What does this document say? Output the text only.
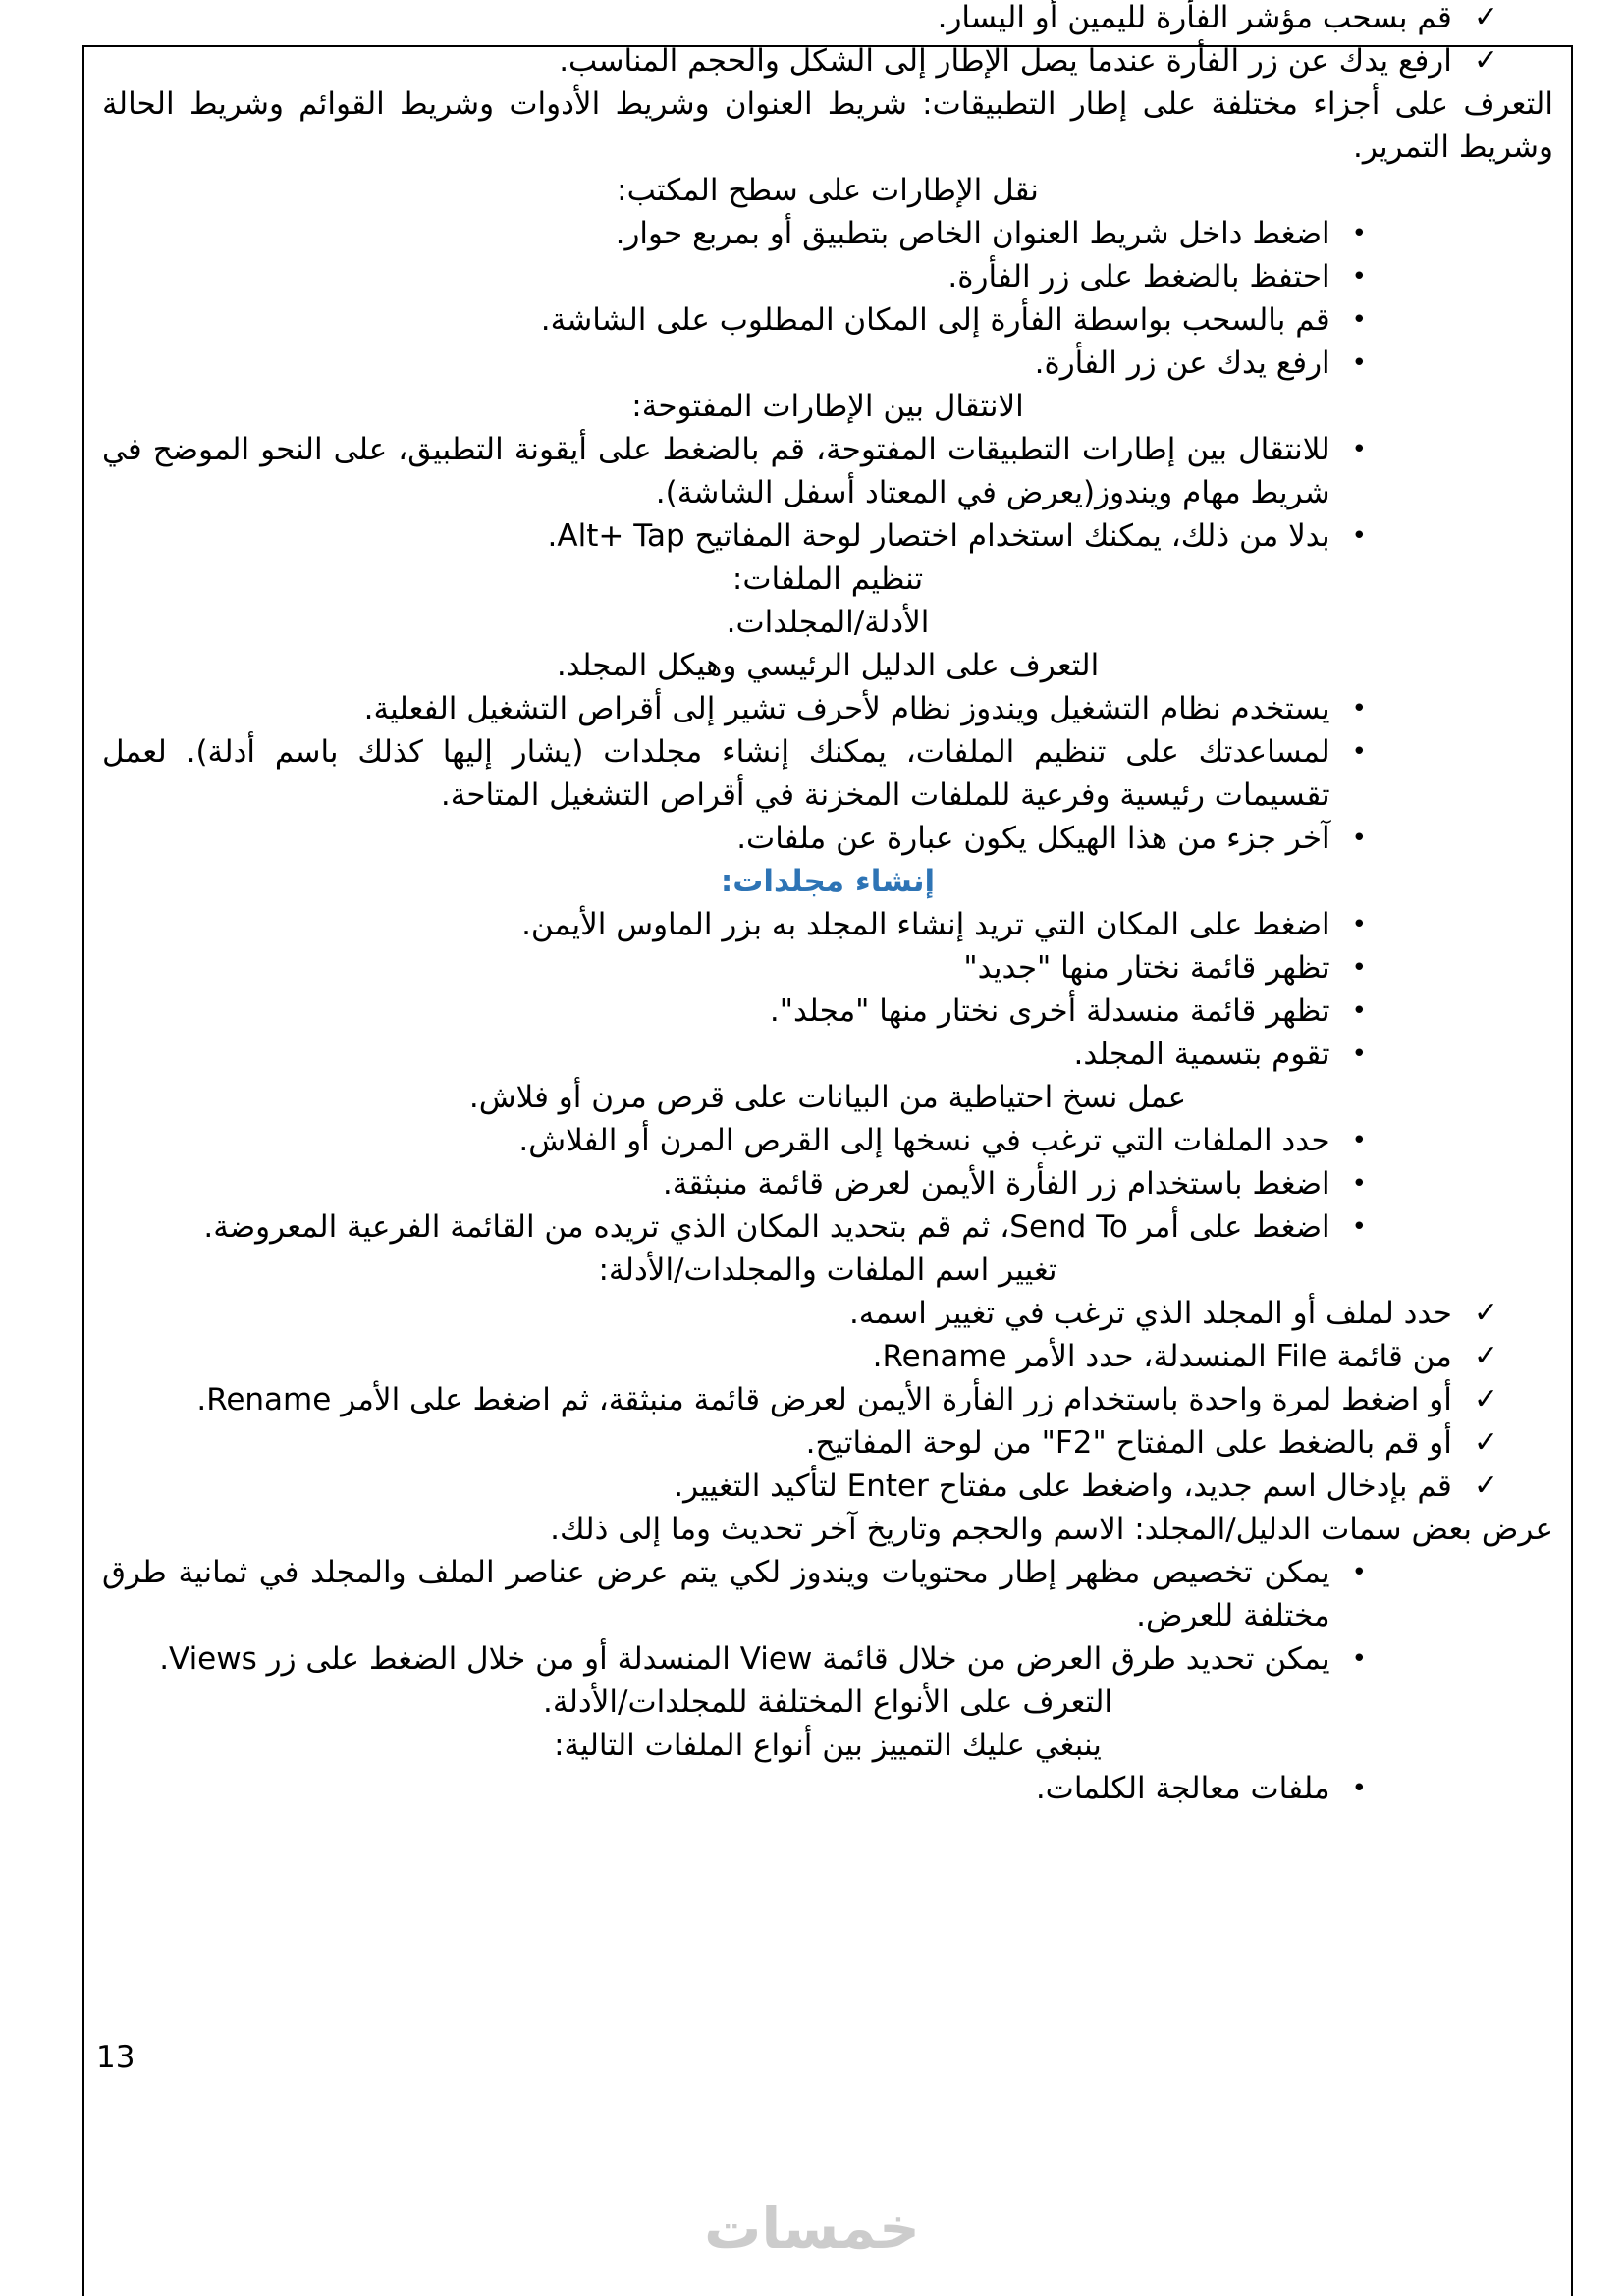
✓
قم بسحب مؤشر الفأرة لليمين أو اليسار.
✓
ارفع يدك عن زر الفأرة عندما يصل الإطار إلى الشكل والحجم المناسب.
التعرف على أجزاء مختلفة على إطار التطبيقات: شريط العنوان وشريط الأدوات وشريط القوائم وشريط الحالة وشريط التمرير.
نقل الإطارات على سطح المكتب:
•
اضغط داخل شريط العنوان الخاص بتطبيق أو بمربع حوار.
•
احتفظ بالضغط على زر الفأرة.
•
قم بالسحب بواسطة الفأرة إلى المكان المطلوب على الشاشة.
•
ارفع يدك عن زر الفأرة.
الانتقال بين الإطارات المفتوحة:
•
للانتقال بين إطارات التطبيقات المفتوحة، قم بالضغط على أيقونة التطبيق، على النحو الموضح في شريط مهام ويندوز(يعرض في المعتاد أسفل الشاشة).
•
بدلا من ذلك، يمكنك استخدام اختصار لوحة المفاتيح Alt+ Tap.
تنظيم الملفات:
الأدلة/المجلدات.
التعرف على الدليل الرئيسي وهيكل المجلد.
•
يستخدم نظام التشغيل ويندوز نظام لأحرف تشير إلى أقراص التشغيل الفعلية.
•
لمساعدتك على تنظيم الملفات، يمكنك إنشاء مجلدات (يشار إليها كذلك باسم أدلة). لعمل تقسيمات رئيسية وفرعية للملفات المخزنة في أقراص التشغيل المتاحة.
•
آخر جزء من هذا الهيكل يكون عبارة عن ملفات.
إنشاء مجلدات:
•
اضغط على المكان التي تريد إنشاء المجلد به بزر الماوس الأيمن.
•
تظهر قائمة نختار منها "جديد"
•
تظهر قائمة منسدلة أخرى نختار منها "مجلد".
•
تقوم بتسمية المجلد.
عمل نسخ احتياطية من البيانات على قرص مرن أو فلاش.
•
حدد الملفات التي ترغب في نسخها إلى القرص المرن أو الفلاش.
•
اضغط باستخدام زر الفأرة الأيمن لعرض قائمة منبثقة.
•
اضغط على أمر Send To، ثم قم بتحديد المكان الذي تريده من القائمة الفرعية المعروضة.
تغيير اسم الملفات والمجلدات/الأدلة:
✓
حدد لملف أو المجلد الذي ترغب في تغيير اسمه.
✓
من قائمة File المنسدلة، حدد الأمر Rename.
✓
أو اضغط لمرة واحدة باستخدام زر الفأرة الأيمن لعرض قائمة منبثقة، ثم اضغط على الأمر Rename.
✓
أو قم بالضغط على المفتاح "F2" من لوحة المفاتيح.
✓
قم بإدخال اسم جديد، واضغط على مفتاح Enter لتأكيد التغيير.
عرض بعض سمات الدليل/المجلد: الاسم والحجم وتاريخ آخر تحديث وما إلى ذلك.
•
يمكن تخصيص مظهر إطار محتويات ويندوز لكي يتم عرض عناصر الملف والمجلد في ثمانية طرق مختلفة للعرض.
•
يمكن تحديد طرق العرض من خلال قائمة View المنسدلة أو من خلال الضغط على زر Views.
التعرف على الأنواع المختلفة للمجلدات/الأدلة.
ينبغي عليك التمييز بين أنواع الملفات التالية:
•
ملفات معالجة الكلمات.
13
خمسات
